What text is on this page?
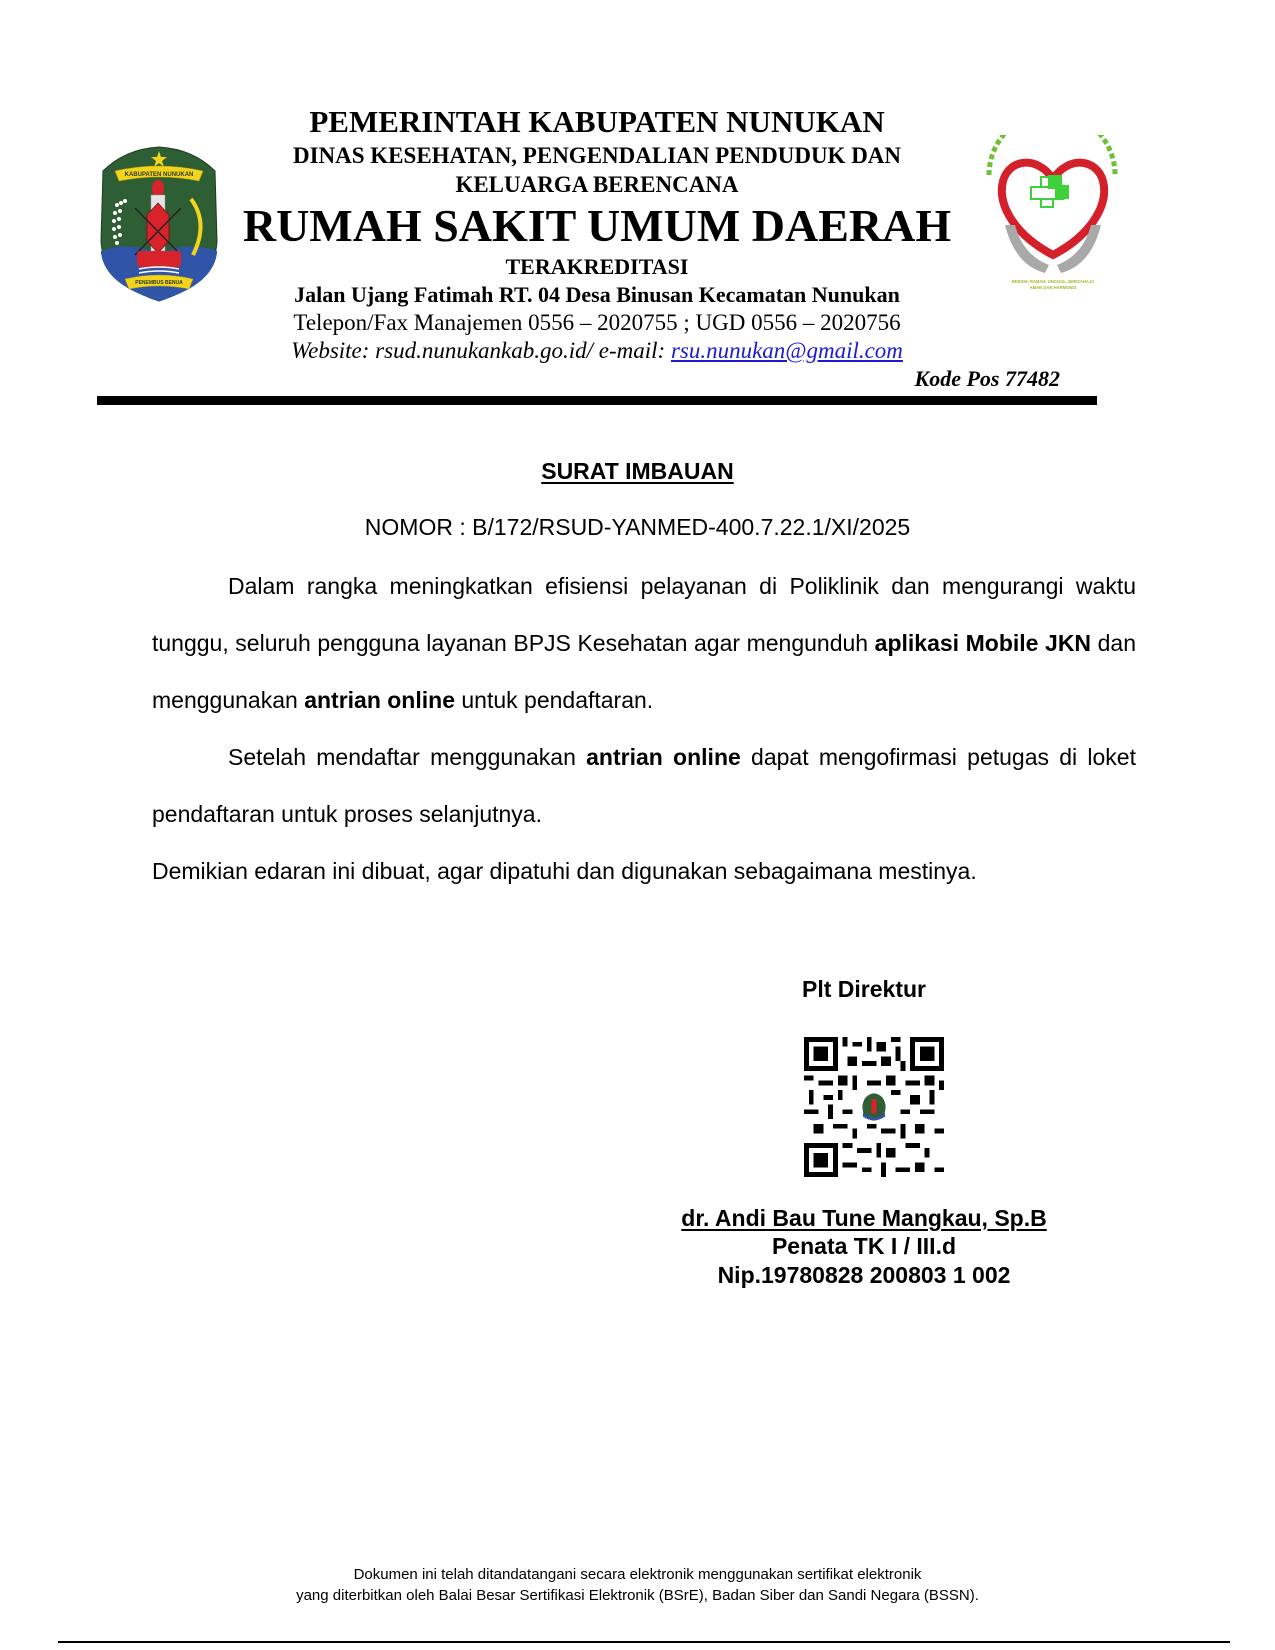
KABUPATEN NUNUKAN
PENEMBUS BENUA	BERSIH, RAMAH, UNGGUL, BERSAHAJA
AMAN DAN HARMONIS
PEMERINTAH KABUPATEN NUNUKAN
DINAS KESEHATAN, PENGENDALIAN PENDUDUK DAN
KELUARGA BERENCANA
RUMAH SAKIT UMUM DAERAH
TERAKREDITASI
Jalan Ujang Fatimah RT. 04 Desa Binusan Kecamatan Nunukan
Telepon/Fax Manajemen 0556 – 2020755 ; UGD 0556 – 2020756
Website: rsud.nunukankab.go.id/ e-mail: rsu.nunukan@gmail.com
Kode Pos 77482
SURAT IMBAUAN
NOMOR : B/172/RSUD-YANMED-400.7.22.1/XI/2025
Dalam rangka meningkatkan efisiensi pelayanan di Poliklinik dan mengurangi waktu tunggu, seluruh pengguna layanan BPJS Kesehatan agar mengunduh aplikasi Mobile JKN dan menggunakan antrian online untuk pendaftaran.
Setelah mendaftar menggunakan antrian online dapat mengofirmasi petugas di loket pendaftaran untuk proses selanjutnya.
Demikian edaran ini dibuat, agar dipatuhi dan digunakan sebagaimana mestinya.
Plt Direktur
dr. Andi Bau Tune Mangkau, Sp.B
Penata TK I / III.d
Nip.19780828 200803 1 002
Dokumen ini telah ditandatangani secara elektronik menggunakan sertifikat elektronik
yang diterbitkan oleh Balai Besar Sertifikasi Elektronik (BSrE), Badan Siber dan Sandi Negara (BSSN).
